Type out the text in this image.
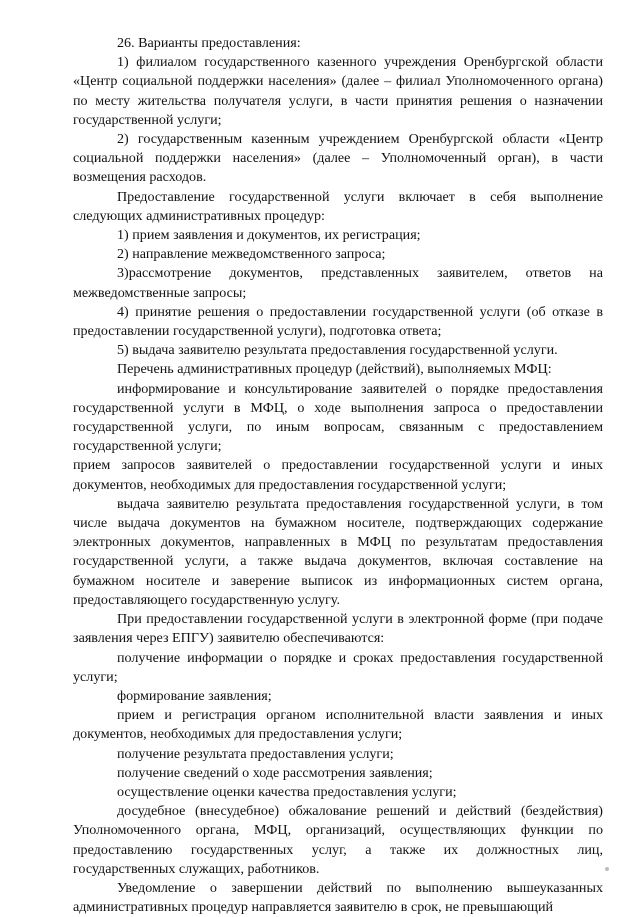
26. Варианты предоставления:

1) филиалом государственного казенного учреждения Оренбургской области «Центр социальной поддержки населения» (далее – филиал Уполномоченного органа) по месту жительства получателя услуги, в части принятия решения о назначении государственной услуги;

2) государственным казенным учреждением Оренбургской области «Центр социальной поддержки населения» (далее – Уполномоченный орган), в части возмещения расходов.

Предоставление государственной услуги включает в себя выполнение следующих административных процедур:

1) прием заявления и документов, их регистрация;

2) направление межведомственного запроса;

3)рассмотрение документов, представленных заявителем, ответов на межведомственные запросы;

4) принятие решения о предоставлении государственной услуги (об отказе в предоставлении государственной услуги), подготовка ответа;

5) выдача заявителю результата предоставления государственной услуги.

Перечень административных процедур (действий), выполняемых МФЦ:

информирование и консультирование заявителей о порядке предоставления государственной услуги в МФЦ, о ходе выполнения запроса о предоставлении государственной услуги, по иным вопросам, связанным с предоставлением государственной услуги;

прием запросов заявителей о предоставлении государственной услуги и иных документов, необходимых для предоставления государственной услуги;

выдача заявителю результата предоставления государственной услуги, в том числе выдача документов на бумажном носителе, подтверждающих содержание электронных документов, направленных в МФЦ по результатам предоставления государственной услуги, а также выдача документов, включая составление на бумажном носителе и заверение выписок из информационных систем органа, предоставляющего государственную услугу.

При предоставлении государственной услуги в электронной форме (при подаче заявления через ЕПГУ) заявителю обеспечиваются:

получение информации о порядке и сроках предоставления государственной услуги;

формирование заявления;

прием и регистрация органом исполнительной власти заявления и иных документов, необходимых для предоставления услуги;

получение результата предоставления услуги;

получение сведений о ходе рассмотрения заявления;

осуществление оценки качества предоставления услуги;

досудебное (внесудебное) обжалование решений и действий (бездействия) Уполномоченного органа, МФЦ, организаций, осуществляющих функции по предоставлению государственных услуг, а также их должностных лиц, государственных служащих, работников.

Уведомление о завершении действий по выполнению вышеуказанных административных процедур направляется заявителю в срок, не превышающий
